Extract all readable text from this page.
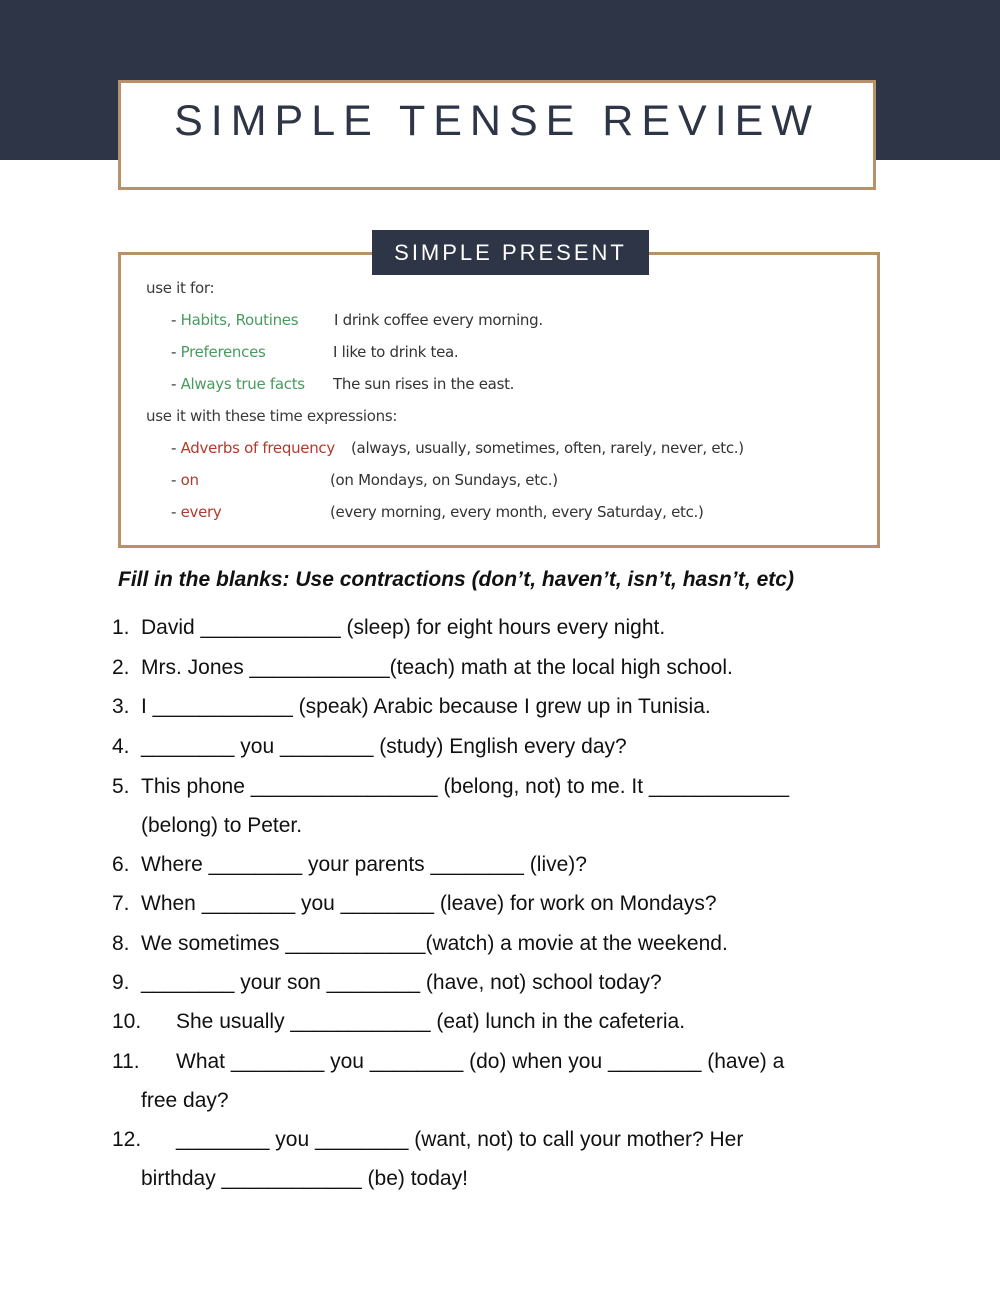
SIMPLE TENSE REVIEW
SIMPLE PRESENT
use it for:
- Habits, Routines I drink coffee every morning.
- Preferences	I like to drink tea.
- Always true facts The sun rises in the east.
use it with these time expressions:
- Adverbs of frequency (always, usually, sometimes, often, rarely, never, etc.)
- on	(on Mondays, on Sundays, etc.)
- every	(every morning, every month, every Saturday, etc.)
Fill in the blanks: Use contractions (don’t, haven’t, isn’t, hasn’t, etc)
1. David ____________ (sleep) for eight hours every night.
2. Mrs. Jones ____________(teach) math at the local high school.
3. I ____________ (speak) Arabic because I grew up in Tunisia.
4. ________ you ________ (study) English every day?
5. This phone ________________ (belong, not) to me. It ____________
(belong) to Peter.
6. Where ________ your parents ________ (live)?
7. When ________ you ________ (leave) for work on Mondays?
8. We sometimes ____________(watch) a movie at the weekend.
9. ________ your son ________ (have, not) school today?
10. She usually ____________ (eat) lunch in the cafeteria.
11. What ________ you ________ (do) when you ________ (have) a
free day?
12. ________ you ________ (want, not) to call your mother? Her
birthday ____________ (be) today!
